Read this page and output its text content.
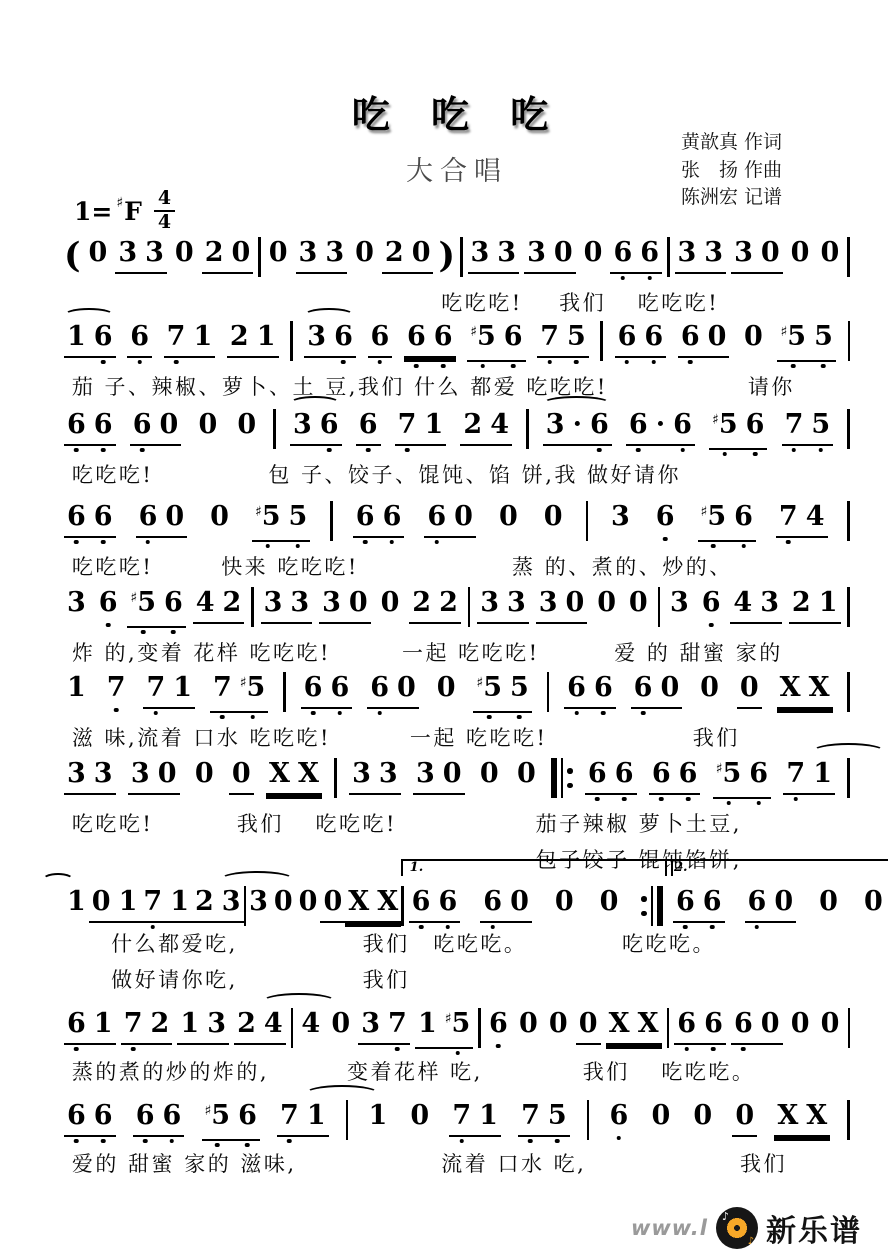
吃 吃 吃
大合唱
1= ♯ F $\frac{4}{4}$
黄歆真 作词
张　扬 作曲
陈洲宏 记谱
( 0 3 3 0 2 0 0 3 3 0 2 0 ) 3 3 3 0 0 6 6 3 3 3 0 0 0
吃吃吃! 我们 吃吃吃!
1 6 6 7 1 2 1 3 6 6 6 6 ♯5 6 7 5 6 6 6 0 0 ♯5 5
茄 子、辣椒、萝卜、土 豆,我们 什么 都爱 吃吃吃!	请你
6 6 6 0 0 0 3 6 6 7 1 2 4 3 · 6 6 · 6 ♯5 6 7 5
吃吃吃!	包 子、饺子、馄饨、馅 饼,我 做好请你
6 6 6 0 0 ♯5 5 6 6 6 0 0 0 3 6 ♯5 6 7 4
吃吃吃!	快来 吃吃吃!	蒸 的、煮的、炒的、
3 6 ♯5 6 4 2 3 3 3 0 0 2 2 3 3 3 0 0 0 3 6 4 3 2 1
炸 的,变着 花样 吃吃吃!	一起 吃吃吃!	爱 的 甜蜜 家的
1 7 7 1 7 ♯5 6 6 6 0 0 ♯5 5 6 6 6 0 0 0 X X
滋 味,流着 口水 吃吃吃!	一起 吃吃吃!	我们
3 3 3 0 0 0 X X 3 3 3 0 0 0 6 6 6 6 ♯5 6 7 1
吃吃吃!	我们 吃吃吃!	茄子辣椒 萝卜土豆,
包子饺子 馄饨馅饼,
1 0 1 7 1 2 3 3 0 0 0 X X 1. 6 6 6 0 0 0 2. 6 6 6 0 0 0
什么都爱吃,	我们 吃吃吃。	吃吃吃。
做好请你吃,	我们
6 1 7 2 1 3 2 4 4 0 3 7 1 ♯5 6 0 0 0 X X 6 6 6 0 0 0
蒸的煮的炒的炸的,	变着花样 吃,	我们 吃吃吃。
6 6 6 6 ♯5 6 7 1 1 0 7 1 7 5 6 0 0 0 X X
爱的 甜蜜 家的 滋味,	流着 口水 吃,	我们
www.l ♪
♪ 新乐谱
